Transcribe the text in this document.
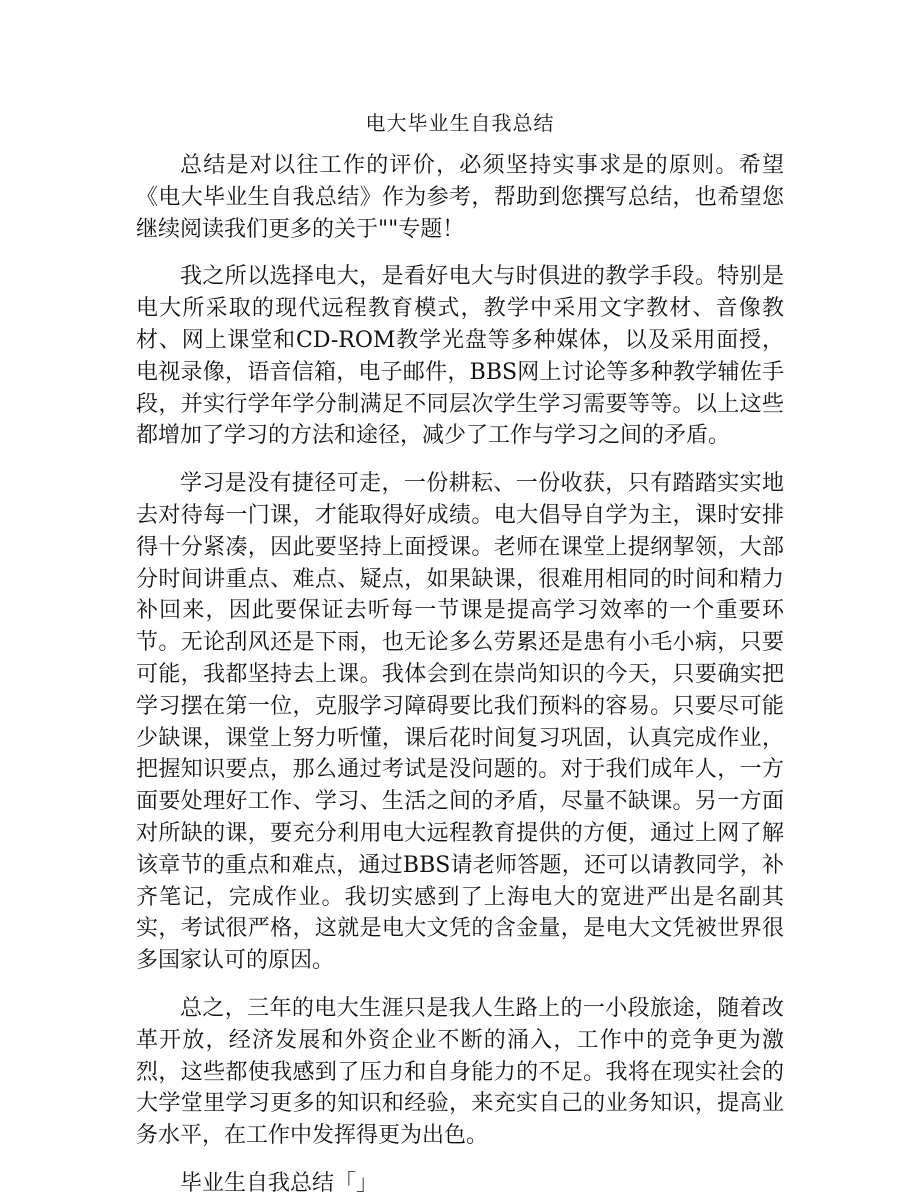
电大毕业生自我总结

总结是对以往工作的评价，必须坚持实事求是的原则。希望《电大毕业生自我总结》作为参考，帮助到您撰写总结，也希望您继续阅读我们更多的关于""专题！

我之所以选择电大，是看好电大与时俱进的教学手段。特别是电大所采取的现代远程教育模式，教学中采用文字教材、音像教材、网上课堂和CD-ROM教学光盘等多种媒体，以及采用面授，电视录像，语音信箱，电子邮件，BBS网上讨论等多种教学辅佐手段，并实行学年学分制满足不同层次学生学习需要等等。以上这些都增加了学习的方法和途径，减少了工作与学习之间的矛盾。

学习是没有捷径可走，一份耕耘、一份收获，只有踏踏实实地去对待每一门课，才能取得好成绩。电大倡导自学为主，课时安排得十分紧凑，因此要坚持上面授课。老师在课堂上提纲挈领，大部分时间讲重点、难点、疑点，如果缺课，很难用相同的时间和精力补回来，因此要保证去听每一节课是提高学习效率的一个重要环节。无论刮风还是下雨，也无论多么劳累还是患有小毛小病，只要可能，我都坚持去上课。我体会到在崇尚知识的今天，只要确实把学习摆在第一位，克服学习障碍要比我们预料的容易。只要尽可能少缺课，课堂上努力听懂，课后花时间复习巩固，认真完成作业，把握知识要点，那么通过考试是没问题的。对于我们成年人，一方面要处理好工作、学习、生活之间的矛盾，尽量不缺课。另一方面对所缺的课，要充分利用电大远程教育提供的方便，通过上网了解该章节的重点和难点，通过BBS请老师答题，还可以请教同学，补齐笔记，完成作业。我切实感到了上海电大的宽进严出是名副其实，考试很严格，这就是电大文凭的含金量，是电大文凭被世界很多国家认可的原因。

总之，三年的电大生涯只是我人生路上的一小段旅途，随着改革开放，经济发展和外资企业不断的涌入，工作中的竞争更为激烈，这些都使我感到了压力和自身能力的不足。我将在现实社会的大学堂里学习更多的知识和经验，来充实自己的业务知识，提高业务水平，在工作中发挥得更为出色。

毕业生自我总结「」
